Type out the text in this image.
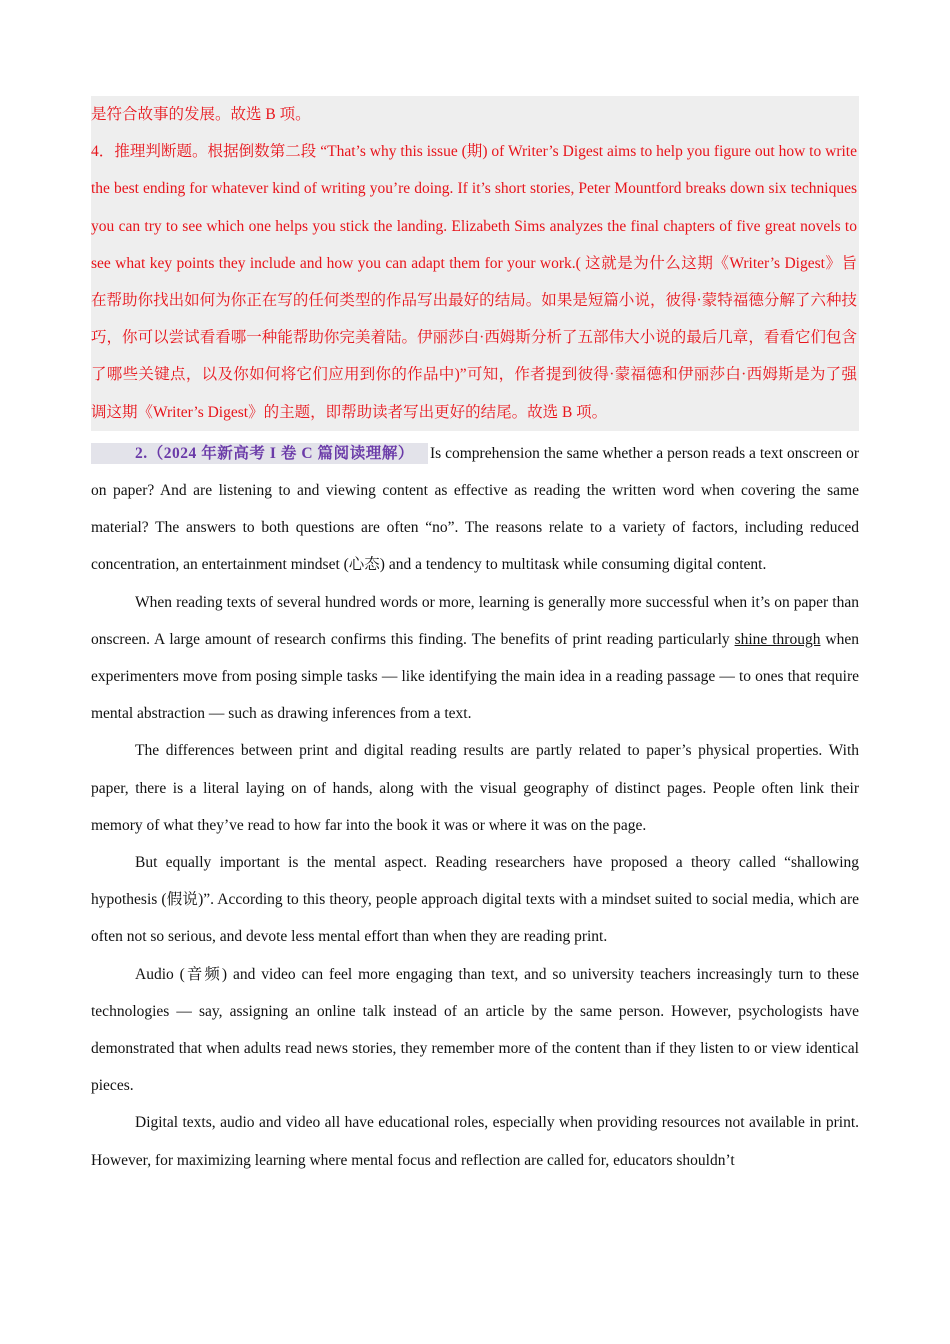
是符合故事的发展。故选 B 项。

4．推理判断题。根据倒数第二段 “That’s why this issue (期) of Writer’s Digest aims to help you figure out how to write the best ending for whatever kind of writing you’re doing. If it’s short stories, Peter Mountford breaks down six techniques you can try to see which one helps you stick the landing. Elizabeth Sims analyzes the final chapters of five great novels to see what key points they include and how you can adapt them for your work.( 这就是为什么这期《Writer’s Digest》旨在帮助你找出如何为你正在写的任何类型的作品写出最好的结局。如果是短篇小说，彼得·蒙特福德分解了六种技巧，你可以尝试看看哪一种能帮助你完美着陆。伊丽莎白·西姆斯分析了五部伟大小说的最后几章，看看它们包含了哪些关键点，以及你如何将它们应用到你的作品中)”可知，作者提到彼得·蒙福德和伊丽莎白·西姆斯是为了强调这期《Writer’s Digest》的主题，即帮助读者写出更好的结尾。故选 B 项。

2.（2024 年新高考 I 卷 C 篇阅读理解） Is comprehension the same whether a person reads a text onscreen or on paper? And are listening to and viewing content as effective as reading the written word when covering the same material? The answers to both questions are often “no”. The reasons relate to a variety of factors, including reduced concentration, an entertainment mindset (心态) and a tendency to multitask while consuming digital content.

When reading texts of several hundred words or more, learning is generally more successful when it’s on paper than onscreen. A large amount of research confirms this finding. The benefits of print reading particularly shine through when experimenters move from posing simple tasks — like identifying the main idea in a reading passage — to ones that require mental abstraction — such as drawing inferences from a text.

The differences between print and digital reading results are partly related to paper’s physical properties. With paper, there is a literal laying on of hands, along with the visual geography of distinct pages. People often link their memory of what they’ve read to how far into the book it was or where it was on the page.

But equally important is the mental aspect. Reading researchers have proposed a theory called “shallowing hypothesis (假说)”. According to this theory, people approach digital texts with a mindset suited to social media, which are often not so serious, and devote less mental effort than when they are reading print.

Audio (音频) and video can feel more engaging than text, and so university teachers increasingly turn to these technologies — say, assigning an online talk instead of an article by the same person. However, psychologists have demonstrated that when adults read news stories, they remember more of the content than if they listen to or view identical pieces.

Digital texts, audio and video all have educational roles, especially when providing resources not available in print. However, for maximizing learning where mental focus and reflection are called for, educators shouldn’t
